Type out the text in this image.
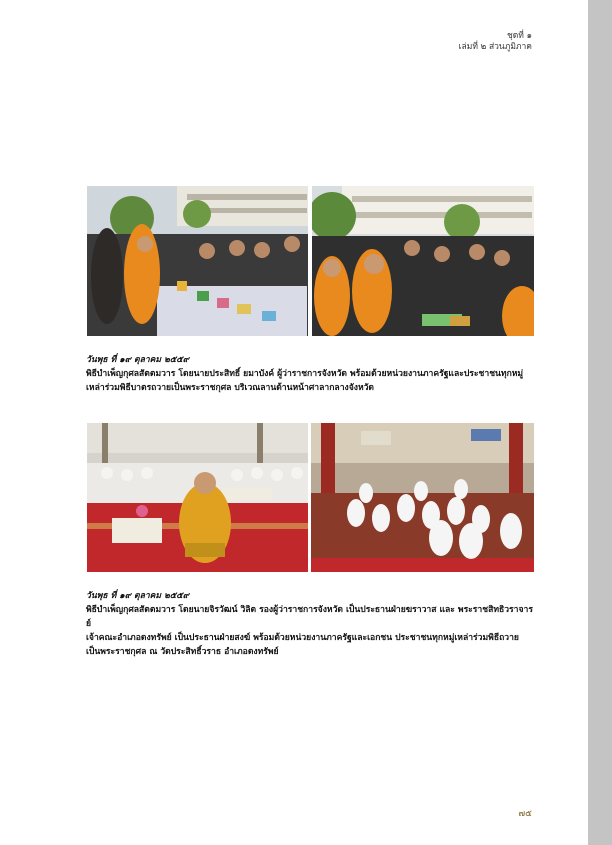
ชุดที่ ๑
เล่มที่ ๒ ส่วนภูมิภาค
วันพุธ ที่ ๑๙ ตุลาคม ๒๕๕๙
พิธีบำเพ็ญกุศลสัตตมวาร โดยนายประสิทธิ์ ยมาบังค์ ผู้ว่าราชการจังหวัด พร้อมด้วยหน่วยงานภาครัฐและประชาชนทุกหมู่
เหล่าร่วมพิธีบาตรถวายเป็นพระราชกุศล บริเวณลานด้านหน้าศาลากลางจังหวัด
วันพุธ ที่ ๑๙ ตุลาคม ๒๕๕๙
พิธีบำเพ็ญกุศลสัตตมวาร โดยนายจิรวัฒน์ วิลิต รองผู้ว่าราชการจังหวัด เป็นประธานฝ่ายฆราวาส และ พระราชสิทธิวราจารย์
เจ้าคณะอำเภอดงทรัพย์ เป็นประธานฝ่ายสงฆ์ พร้อมด้วยหน่วยงานภาครัฐและเอกชน ประชาชนทุกหมู่เหล่าร่วมพิธีถวาย
เป็นพระราชกุศล ณ วัดประสิทธิ์วราธ อำเภอดงทรัพย์
๗๕
